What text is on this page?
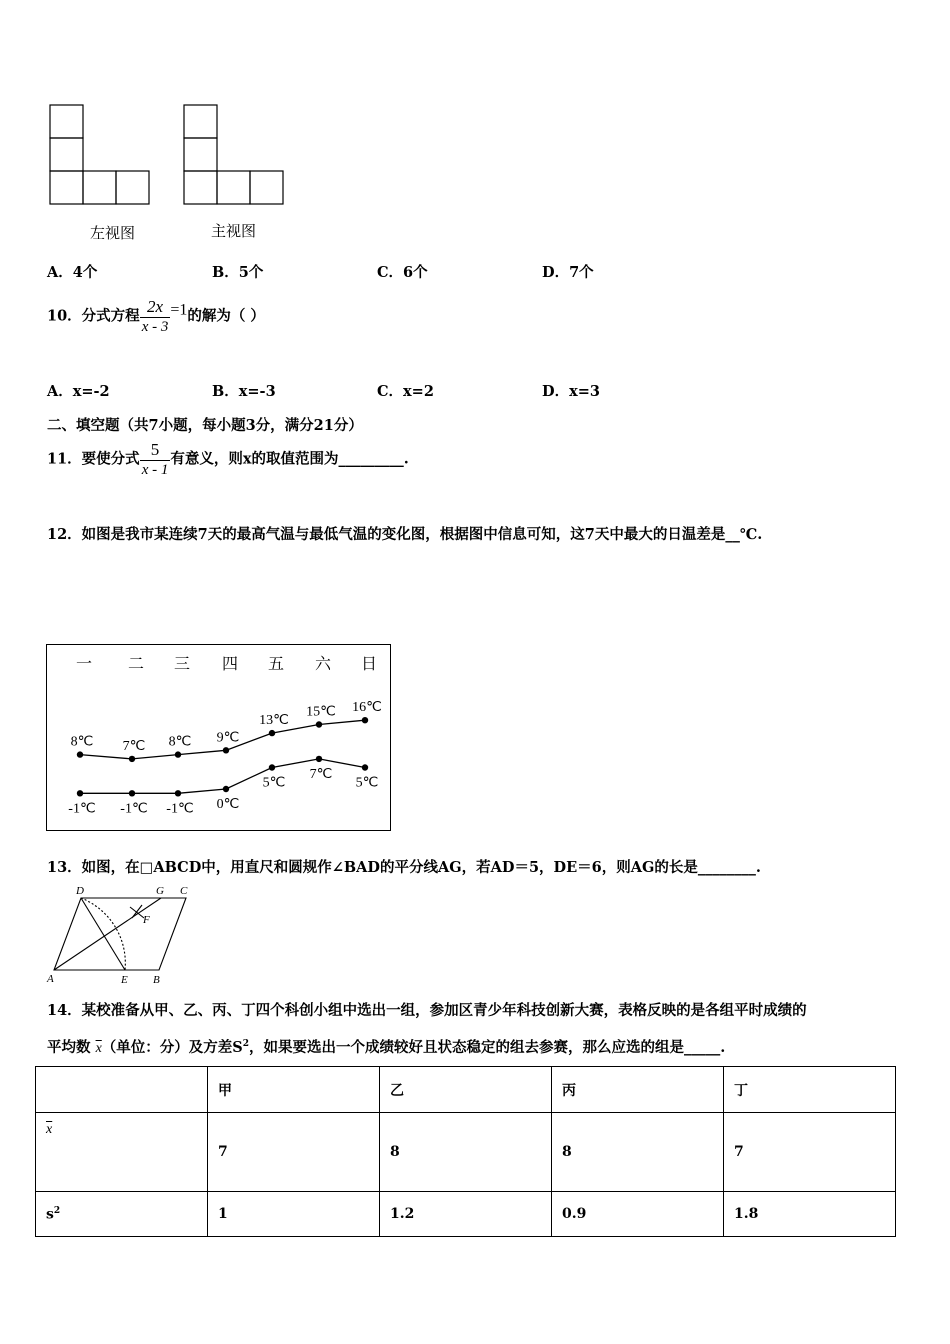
左视图	主视图
A．4个	B．5个	C．6个	D．7个
10．分式方程 $\frac{2x}{x - 3} =1$的解为（ ）
A．x=-2	B．x=-3	C．x=2	D．x=3
二、填空题（共7小题，每小题3分，满分21分）
11．要使分式 $\frac{5}{x - 1}$ 有意义，则x的取值范围为_________.
12．如图是我市某连续7天的最高气温与最低气温的变化图，根据图中信息可知，这7天中最大的日温差是__℃.
一 二 三 四 五 六 日
8℃ 7℃ 8℃ 9℃
13℃
15℃ 16℃
-1℃ -1℃ -1℃ 0℃
5℃
7℃
5℃
13．如图，在□ABCD中，用直尺和圆规作∠BAD的平分线AG，若AD＝5，DE＝6，则AG的长是________.
A	B
C
D
E
F
G
14．某校准备从甲、乙、丙、丁四个科创小组中选出一组，参加区青少年科技创新大赛，表格反映的是各组平时成绩的
平均数 $\overline{x}$（单位：分）及方差$S^2$，如果要选出一个成绩较好且状态稳定的组去参赛，那么应选的组是_____.
	甲	乙	丙	丁
$\overline{x}$	7	8	8	7
$s^2$	1	1.2	0.9	1.8
